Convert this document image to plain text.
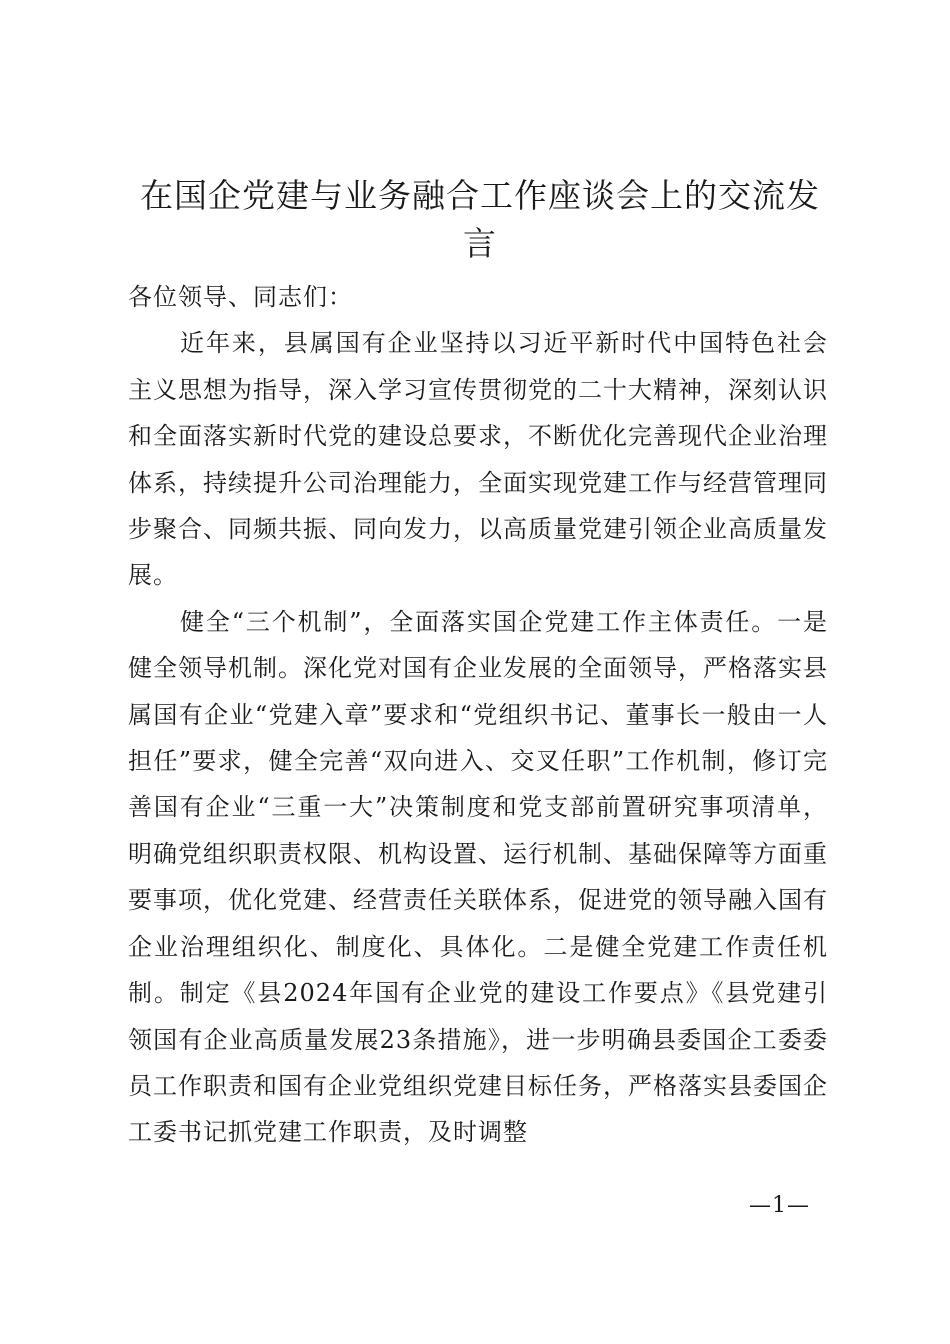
在国企党建与业务融合工作座谈会上的交流发言

各位领导、同志们：

近年来，县属国有企业坚持以习近平新时代中国特色社会主义思想为指导，深入学习宣传贯彻党的二十大精神，深刻认识和全面落实新时代党的建设总要求，不断优化完善现代企业治理体系，持续提升公司治理能力，全面实现党建工作与经营管理同步聚合、同频共振、同向发力，以高质量党建引领企业高质量发展。

健全“三个机制”，全面落实国企党建工作主体责任。一是健全领导机制。深化党对国有企业发展的全面领导，严格落实县属国有企业“党建入章”要求和“党组织书记、董事长一般由一人担任”要求，健全完善“双向进入、交叉任职”工作机制，修订完善国有企业“三重一大”决策制度和党支部前置研究事项清单，明确党组织职责权限、机构设置、运行机制、基础保障等方面重要事项，优化党建、经营责任关联体系，促进党的领导融入国有企业治理组织化、制度化、具体化。二是健全党建工作责任机制。制定《县2024年国有企业党的建设工作要点》《县党建引领国有企业高质量发展23条措施》，进一步明确县委国企工委委员工作职责和国有企业党组织党建目标任务，严格落实县委国企工委书记抓党建工作职责，及时调整

—1—
